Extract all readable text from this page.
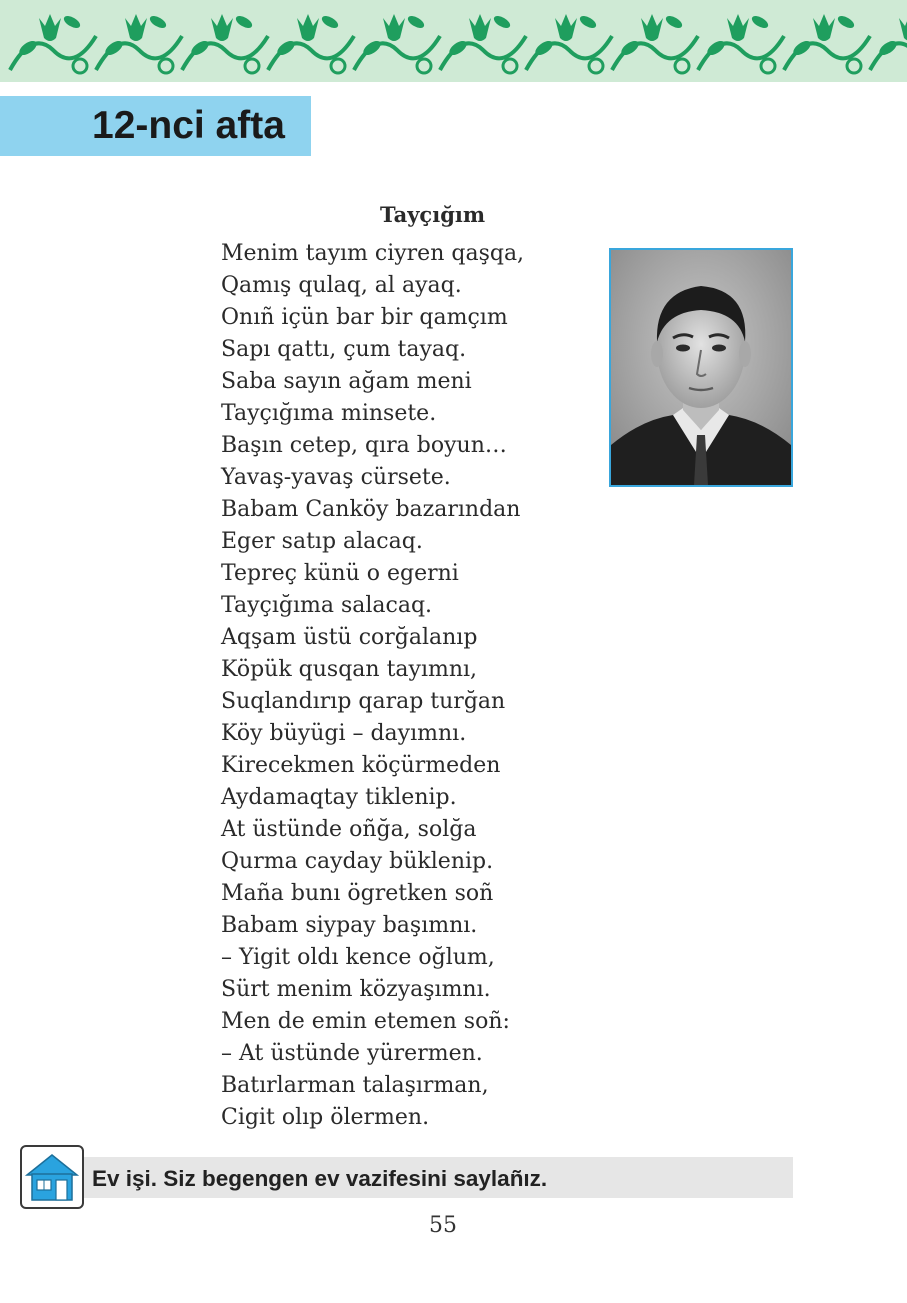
12-nci afta
Tayçığım
Menim tayım ciyren qaşqa,
Qamış qulaq, al ayaq.
Onıñ içün bar bir qamçım
Sapı qattı, çum tayaq.
Saba sayın ağam meni
Tayçığıma minsete.
Başın cetep, qıra boyun…
Yavaş-yavaş cürsete.
Babam Canköy bazarından
Eger satıp alacaq.
Tepreç künü o egerni
Tayçığıma salacaq.
Aqşam üstü corğalanıp
Köpük qusqan tayımnı,
Suqlandırıp qarap turğan
Köy büyügi – dayımnı.
Kirecekmen köçürmeden
Aydamaqtay tiklenip.
At üstünde oñğa, solğa
Qurma cayday büklenip.
Maña bunı ögretken soñ
Babam siypay başımnı.
– Yigit oldı kence oğlum,
Sürt menim közyaşımnı.
Men de emin etemen soñ:
– At üstünde yürermen.
Batırlarman talaşırman,
Cigit olıp ölermen.
Ev işi. Siz begengen ev vazifesini saylañız.
55
